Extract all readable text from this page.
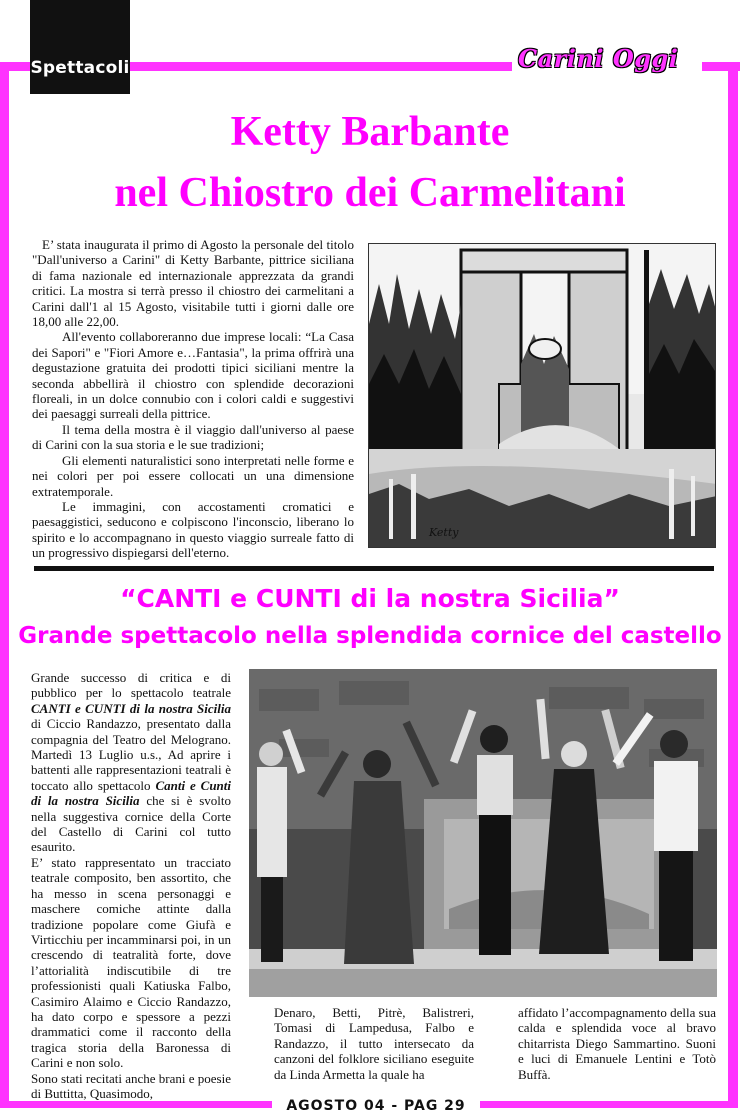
Spettacoli	Carini Oggi
Ketty Barbante
nel Chiostro dei Carmelitani

E’ stata inaugurata il primo di Agosto la personale del titolo "Dall'universo a Carini" di Ketty Barbante, pittrice siciliana di fama nazionale ed internazionale apprezzata da grandi critici. La mostra si terrà presso il chiostro dei carmelitani a Carini dall'1 al 15 Agosto, visitabile tutti i giorni dalle ore 18,00 alle 22,00.

All'evento collaboreranno due imprese locali: “La Casa dei Sapori" e "Fiori Amore e…Fantasia", la prima offrirà una degustazione gratuita dei prodotti tipici siciliani mentre la seconda abbellirà il chiostro con splendide decorazioni floreali, in un dolce connubio con i colori caldi e suggestivi dei paesaggi surreali della pittrice.

Il tema della mostra è il viaggio dall'universo al paese di Carini con la sua storia e le sue tradizioni;

Gli elementi naturalistici sono interpretati nelle forme e nei colori per poi essere collocati un una dimensione extratemporale.

Le immagini, con accostamenti cromatici e paesaggistici, seducono e colpiscono l'inconscio, liberano lo spirito e lo accompagnano in questo viaggio surreale fatto di un progressivo dispiegarsi dell'eterno.

Ketty
“CANTI e CUNTI di la nostra Sicilia”
Grande spettacolo nella splendida cornice del castello

Grande successo di critica e di pubblico per lo spettacolo teatrale CANTI e CUNTI di la nostra Sicilia di Ciccio Randazzo, presentato dalla compagnia del Teatro del Melograno. Martedì 13 Luglio u.s., Ad aprire i battenti alle rappresentazioni teatrali è toccato allo spettacolo Canti e Cunti di la nostra Sicilia che si è svolto nella suggestiva cornice della Corte del Castello di Carini col tutto esaurito.

E’ stato rappresentato un tracciato teatrale composito, ben assortito, che ha messo in scena personaggi e maschere comiche attinte dalla tradizione popolare come Giufà e Virticchiu per incamminarsi poi, in un crescendo di teatralità forte, dove l’attorialità indiscutibile di tre professionisti quali Katiuska Falbo, Casimiro Alaimo e Ciccio Randazzo, ha dato corpo e spessore a pezzi drammatici come il racconto della tragica storia della Baronessa di Carini e non solo.

Sono stati recitati anche brani e poesie di Buttitta, Quasimodo,

Denaro, Betti, Pitrè, Balistreri, Tomasi di Lampedusa, Falbo e Randazzo, il tutto intersecato da canzoni del folklore siciliano eseguite da Linda Armetta la quale ha

affidato l’accompagnamento della sua calda e splendida voce al bravo chitarrista Diego Sammartino. Suoni e luci di Emanuele Lentini e Totò Buffà.

AGOSTO 04 - PAG 29
